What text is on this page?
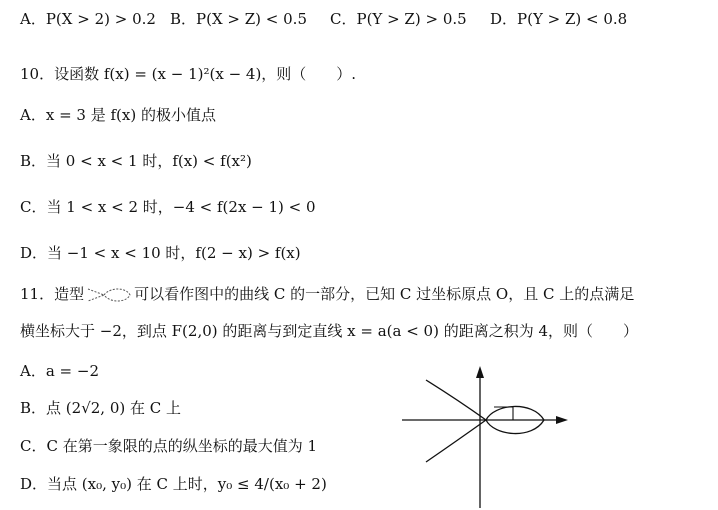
A．P(X > 2) > 0.2 B．P(X > Z) < 0.5 C．P(Y > Z) > 0.5 D．P(Y > Z) < 0.8
10．设函数 f(x) = (x − 1)²(x − 4)，则（　　）.
A．x = 3 是 f(x) 的极小值点
B．当 0 < x < 1 时，f(x) < f(x²)
C．当 1 < x < 2 时，−4 < f(2x − 1) < 0
D．当 −1 < x < 10 时，f(2 − x) > f(x)
11．造型	可以看作图中的曲线 C 的一部分，已知 C 过坐标原点 O，且 C 上的点满足
横坐标大于 −2，到点 F(2,0) 的距离与到定直线 x = a(a < 0) 的距离之积为 4，则（　　）
A．a = −2
B．点 (2√2, 0) 在 C 上
C．C 在第一象限的点的纵坐标的最大值为 1
D．当点 (x₀, y₀) 在 C 上时，y₀ ≤ 4/(x₀ + 2)
